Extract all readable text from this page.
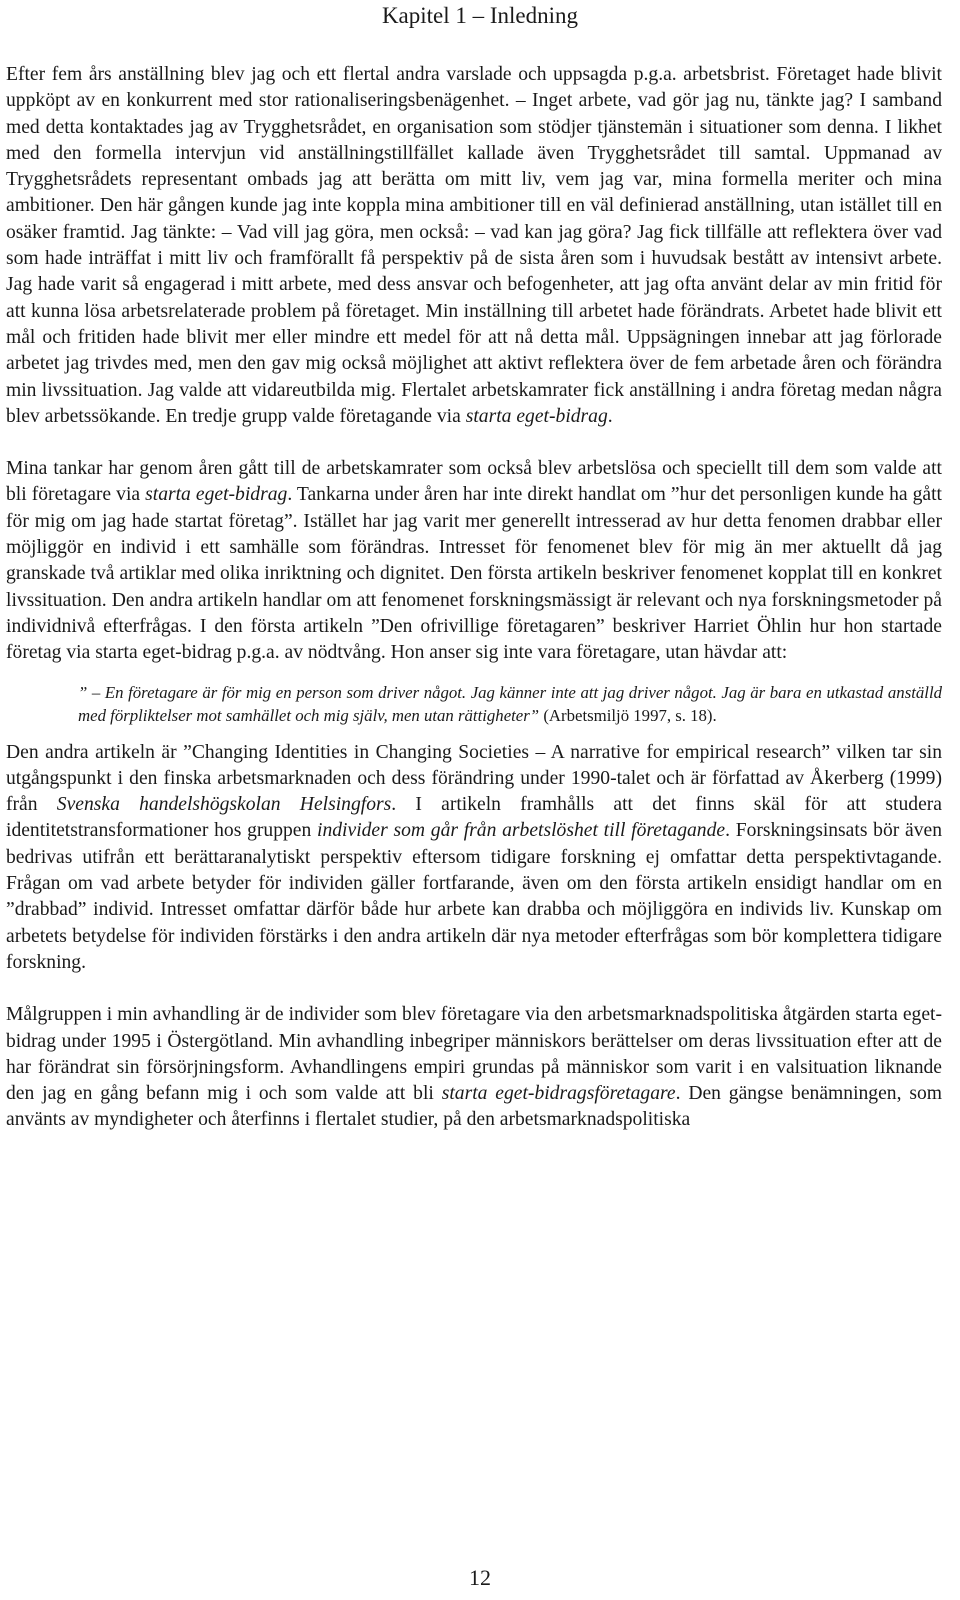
Kapitel 1 – Inledning

Efter fem års anställning blev jag och ett flertal andra varslade och uppsagda p.g.a. arbetsbrist. Företaget hade blivit uppköpt av en konkurrent med stor rationaliseringsbenägenhet. – Inget arbete, vad gör jag nu, tänkte jag? I samband med detta kontaktades jag av Trygghetsrådet, en organisation som stödjer tjänstemän i situationer som denna. I likhet med den formella intervjun vid anställningstillfället kallade även Trygghetsrådet till samtal. Uppmanad av Trygghetsrådets representant ombads jag att berätta om mitt liv, vem jag var, mina formella meriter och mina ambitioner. Den här gången kunde jag inte koppla mina ambitioner till en väl definierad anställning, utan istället till en osäker framtid. Jag tänkte: – Vad vill jag göra, men också: – vad kan jag göra? Jag fick tillfälle att reflektera över vad som hade inträffat i mitt liv och framförallt få perspektiv på de sista åren som i huvudsak bestått av intensivt arbete. Jag hade varit så engagerad i mitt arbete, med dess ansvar och befogenheter, att jag ofta använt delar av min fritid för att kunna lösa arbetsrelaterade problem på företaget. Min inställning till arbetet hade förändrats. Arbetet hade blivit ett mål och fritiden hade blivit mer eller mindre ett medel för att nå detta mål. Uppsägningen innebar att jag förlorade arbetet jag trivdes med, men den gav mig också möjlighet att aktivt reflektera över de fem arbetade åren och förändra min livssituation. Jag valde att vidareutbilda mig. Flertalet arbetskamrater fick anställning i andra företag medan några blev arbetssökande. En tredje grupp valde företagande via starta eget-bidrag.

Mina tankar har genom åren gått till de arbetskamrater som också blev arbetslösa och speciellt till dem som valde att bli företagare via starta eget-bidrag. Tankarna under åren har inte direkt handlat om ”hur det personligen kunde ha gått för mig om jag hade startat företag”. Istället har jag varit mer generellt intresserad av hur detta fenomen drabbar eller möjliggör en individ i ett samhälle som förändras. Intresset för fenomenet blev för mig än mer aktuellt då jag granskade två artiklar med olika inriktning och dignitet. Den första artikeln beskriver fenomenet kopplat till en konkret livssituation. Den andra artikeln handlar om att fenomenet forskningsmässigt är relevant och nya forskningsmetoder på individnivå efterfrågas. I den första artikeln ”Den ofrivillige företagaren” beskriver Harriet Öhlin hur hon startade företag via starta eget-bidrag p.g.a. av nödtvång. Hon anser sig inte vara företagare, utan hävdar att:

” – En företagare är för mig en person som driver något. Jag känner inte att jag driver något. Jag är bara en utkastad anställd med förpliktelser mot samhället och mig själv, men utan rättigheter” (Arbetsmiljö 1997, s. 18).

Den andra artikeln är ”Changing Identities in Changing Societies – A narrative for empirical research” vilken tar sin utgångspunkt i den finska arbetsmarknaden och dess förändring under 1990-talet och är författad av Åkerberg (1999) från Svenska handelshögskolan Helsingfors. I artikeln framhålls att det finns skäl för att studera identitetstransformationer hos gruppen individer som går från arbetslöshet till företagande. Forskningsinsats bör även bedrivas utifrån ett berättaranalytiskt perspektiv eftersom tidigare forskning ej omfattar detta perspektivtagande. Frågan om vad arbete betyder för individen gäller fortfarande, även om den första artikeln ensidigt handlar om en ”drabbad” individ. Intresset omfattar därför både hur arbete kan drabba och möjliggöra en individs liv. Kunskap om arbetets betydelse för individen förstärks i den andra artikeln där nya metoder efterfrågas som bör komplettera tidigare forskning.

Målgruppen i min avhandling är de individer som blev företagare via den arbetsmarknadspolitiska åtgärden starta eget-bidrag under 1995 i Östergötland. Min avhandling inbegriper människors berättelser om deras livssituation efter att de har förändrat sin försörjningsform. Avhandlingens empiri grundas på människor som varit i en valsituation liknande den jag en gång befann mig i och som valde att bli starta eget-bidragsföretagare. Den gängse benämningen, som använts av myndigheter och återfinns i flertalet studier, på den arbetsmarknadspolitiska

12
